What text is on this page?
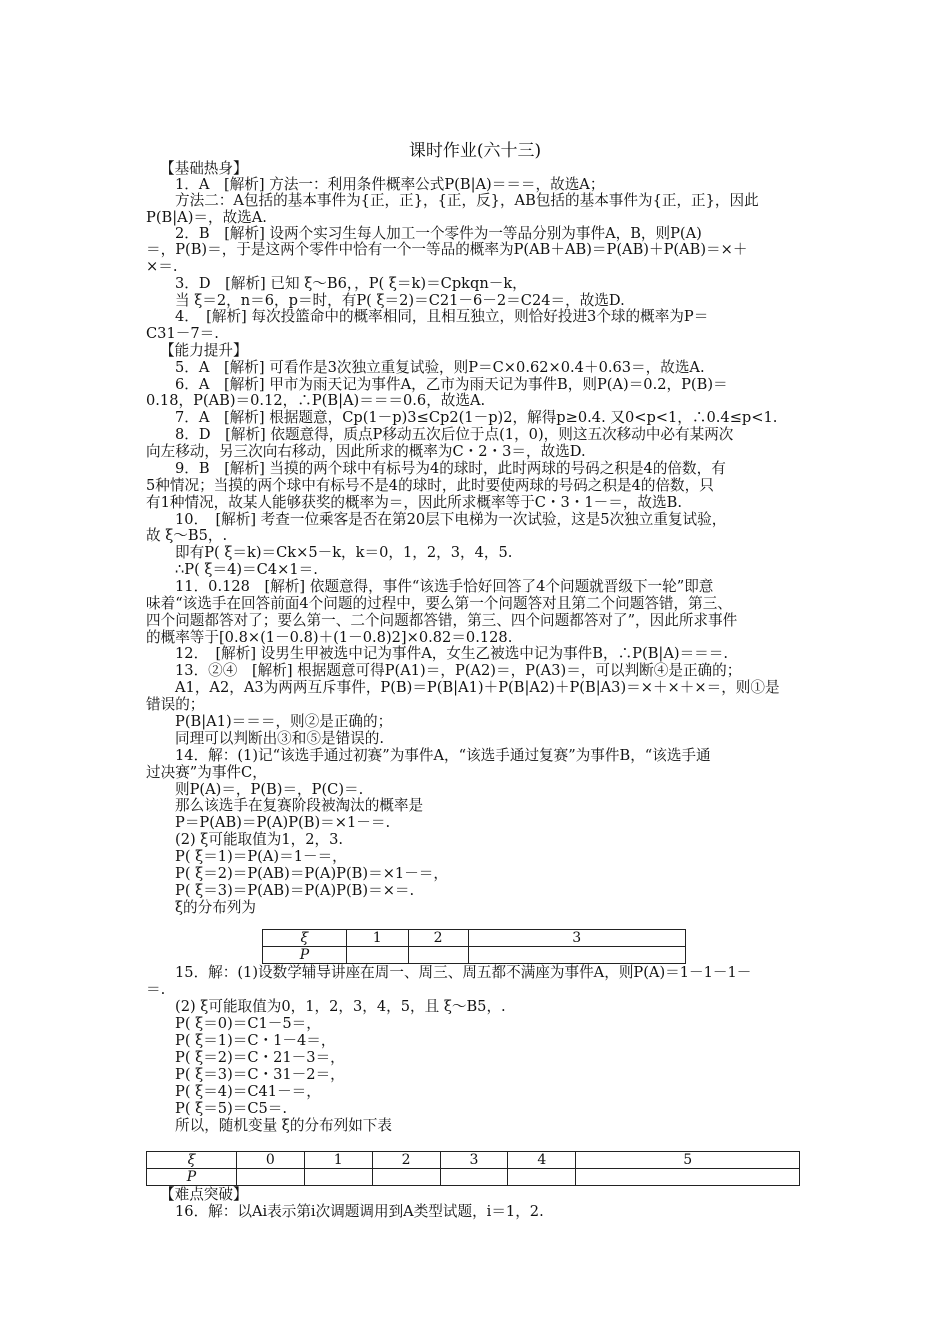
课时作业(六十三)
【基础热身】
1．A　[解析] 方法一：利用条件概率公式P(B|A)＝＝＝，故选A；
方法二：A包括的基本事件为{正，正}，{正，反}，AB包括的基本事件为{正，正}，因此
P(B|A)＝，故选A.
2．B　[解析] 设两个实习生每人加工一个零件为一等品分别为事件A，B，则P(A)
＝，P(B)＝，于是这两个零件中恰有一个一等品的概率为P(AB＋AB)＝P(AB)＋P(AB)＝×＋
×＝.
3．D　[解析] 已知 ξ～B6，，P( ξ＝k)＝Cpkqn－k，
当 ξ＝2，n＝6，p＝时，有P( ξ＝2)＝C21－6－2＝C24＝，故选D.
4．　[解析] 每次投篮命中的概率相同，且相互独立，则恰好投进3个球的概率为P＝
C31－7＝.
【能力提升】
5．A　[解析] 可看作是3次独立重复试验，则P＝C×0.62×0.4＋0.63＝，故选A.
6．A　[解析] 甲市为雨天记为事件A，乙市为雨天记为事件B，则P(A)＝0.2，P(B)＝
0.18，P(AB)＝0.12，∴P(B|A)＝＝＝0.6，故选A.
7．A　[解析] 根据题意，Cp(1－p)3≤Cp2(1－p)2，解得p≥0.4. 又0<p<1，∴0.4≤p<1.
8．D　[解析] 依题意得，质点P移动五次后位于点(1，0)，则这五次移动中必有某两次
向左移动，另三次向右移动，因此所求的概率为C・2・3＝，故选D.
9．B　[解析] 当摸的两个球中有标号为4的球时，此时两球的号码之积是4的倍数，有
5种情况；当摸的两个球中有标号不是4的球时，此时要使两球的号码之积是4的倍数，只
有1种情况，故某人能够获奖的概率为＝，因此所求概率等于C・3・1－＝，故选B.
10．　[解析] 考查一位乘客是否在第20层下电梯为一次试验，这是5次独立重复试验，
故 ξ～B5，.
即有P( ξ＝k)＝Ck×5－k，k＝0，1，2，3，4，5.
∴P( ξ＝4)＝C4×1＝.
11．0.128　[解析] 依题意得，事件“该选手恰好回答了4个问题就晋级下一轮”即意
味着“该选手在回答前面4个问题的过程中，要么第一个问题答对且第二个问题答错，第三、
四个问题都答对了；要么第一、二个问题都答错，第三、四个问题都答对了”，因此所求事件
的概率等于[0.8×(1－0.8)＋(1－0.8)2]×0.82＝0.128.
12．　[解析] 设男生甲被选中记为事件A，女生乙被选中记为事件B，∴P(B|A)＝＝＝.
13．②④　[解析] 根据题意可得P(A1)＝，P(A2)＝，P(A3)＝，可以判断④是正确的；
A1，A2，A3为两两互斥事件，P(B)＝P(B|A1)＋P(B|A2)＋P(B|A3)＝×＋×＋×＝，则①是
错误的；
P(B|A1)＝＝＝，则②是正确的；
同理可以判断出③和⑤是错误的.
14．解：(1)记“该选手通过初赛”为事件A，“该选手通过复赛”为事件B，“该选手通
过决赛”为事件C，
则P(A)＝，P(B)＝，P(C)＝.
那么该选手在复赛阶段被淘汰的概率是
P＝P(AB)＝P(A)P(B)＝×1－＝.
(2) ξ可能取值为1，2，3.
P( ξ＝1)＝P(A)＝1－＝，
P( ξ＝2)＝P(AB)＝P(A)P(B)＝×1－＝，
P( ξ＝3)＝P(AB)＝P(A)P(B)＝×＝.
ξ的分布列为
ξ	1	2	3
P			
15．解：(1)设数学辅导讲座在周一、周三、周五都不满座为事件A，则P(A)＝1－1－1－
＝.
(2) ξ可能取值为0，1，2，3，4，5，且 ξ～B5，.
P( ξ＝0)＝C1－5＝，
P( ξ＝1)＝C・1－4＝，
P( ξ＝2)＝C・21－3＝，
P( ξ＝3)＝C・31－2＝，
P( ξ＝4)＝C41－＝，
P( ξ＝5)＝C5＝.
所以，随机变量 ξ的分布列如下表
ξ	0	1	2	3	4	5
P						
【难点突破】
16．解：以Ai表示第i次调题调用到A类型试题，i＝1，2.
